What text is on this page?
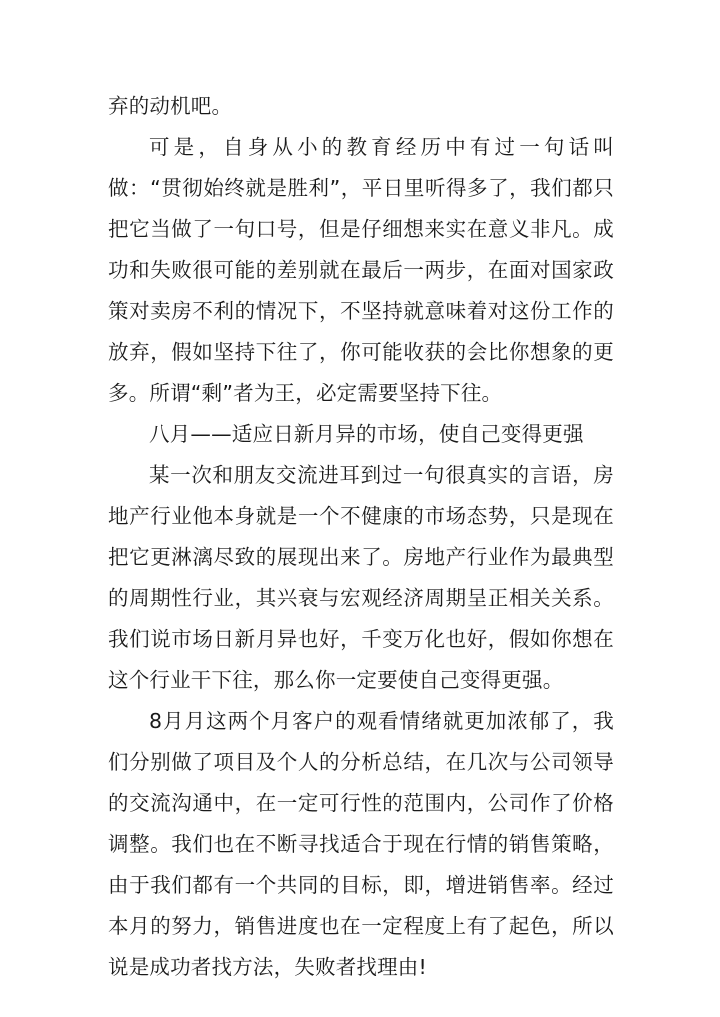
弃的动机吧。

可是，自身从小的教育经历中有过一句话叫做：“贯彻始终就是胜利”，平日里听得多了，我们都只把它当做了一句口号，但是仔细想来实在意义非凡。成功和失败很可能的差别就在最后一两步，在面对国家政策对卖房不利的情况下，不坚持就意味着对这份工作的放弃，假如坚持下往了，你可能收获的会比你想象的更多。所谓“剩”者为王，必定需要坚持下往。

八月——适应日新月异的市场，使自己变得更强

某一次和朋友交流进耳到过一句很真实的言语，房地产行业他本身就是一个不健康的市场态势，只是现在把它更淋漓尽致的展现出来了。房地产行业作为最典型的周期性行业，其兴衰与宏观经济周期呈正相关关系。我们说市场日新月异也好，千变万化也好，假如你想在这个行业干下往，那么你一定要使自己变得更强。

8月月这两个月客户的观看情绪就更加浓郁了，我们分别做了项目及个人的分析总结，在几次与公司领导的交流沟通中，在一定可行性的范围内，公司作了价格调整。我们也在不断寻找适合于现在行情的销售策略，由于我们都有一个共同的目标，即，增进销售率。经过本月的努力，销售进度也在一定程度上有了起色，所以说是成功者找方法，失败者找理由!
